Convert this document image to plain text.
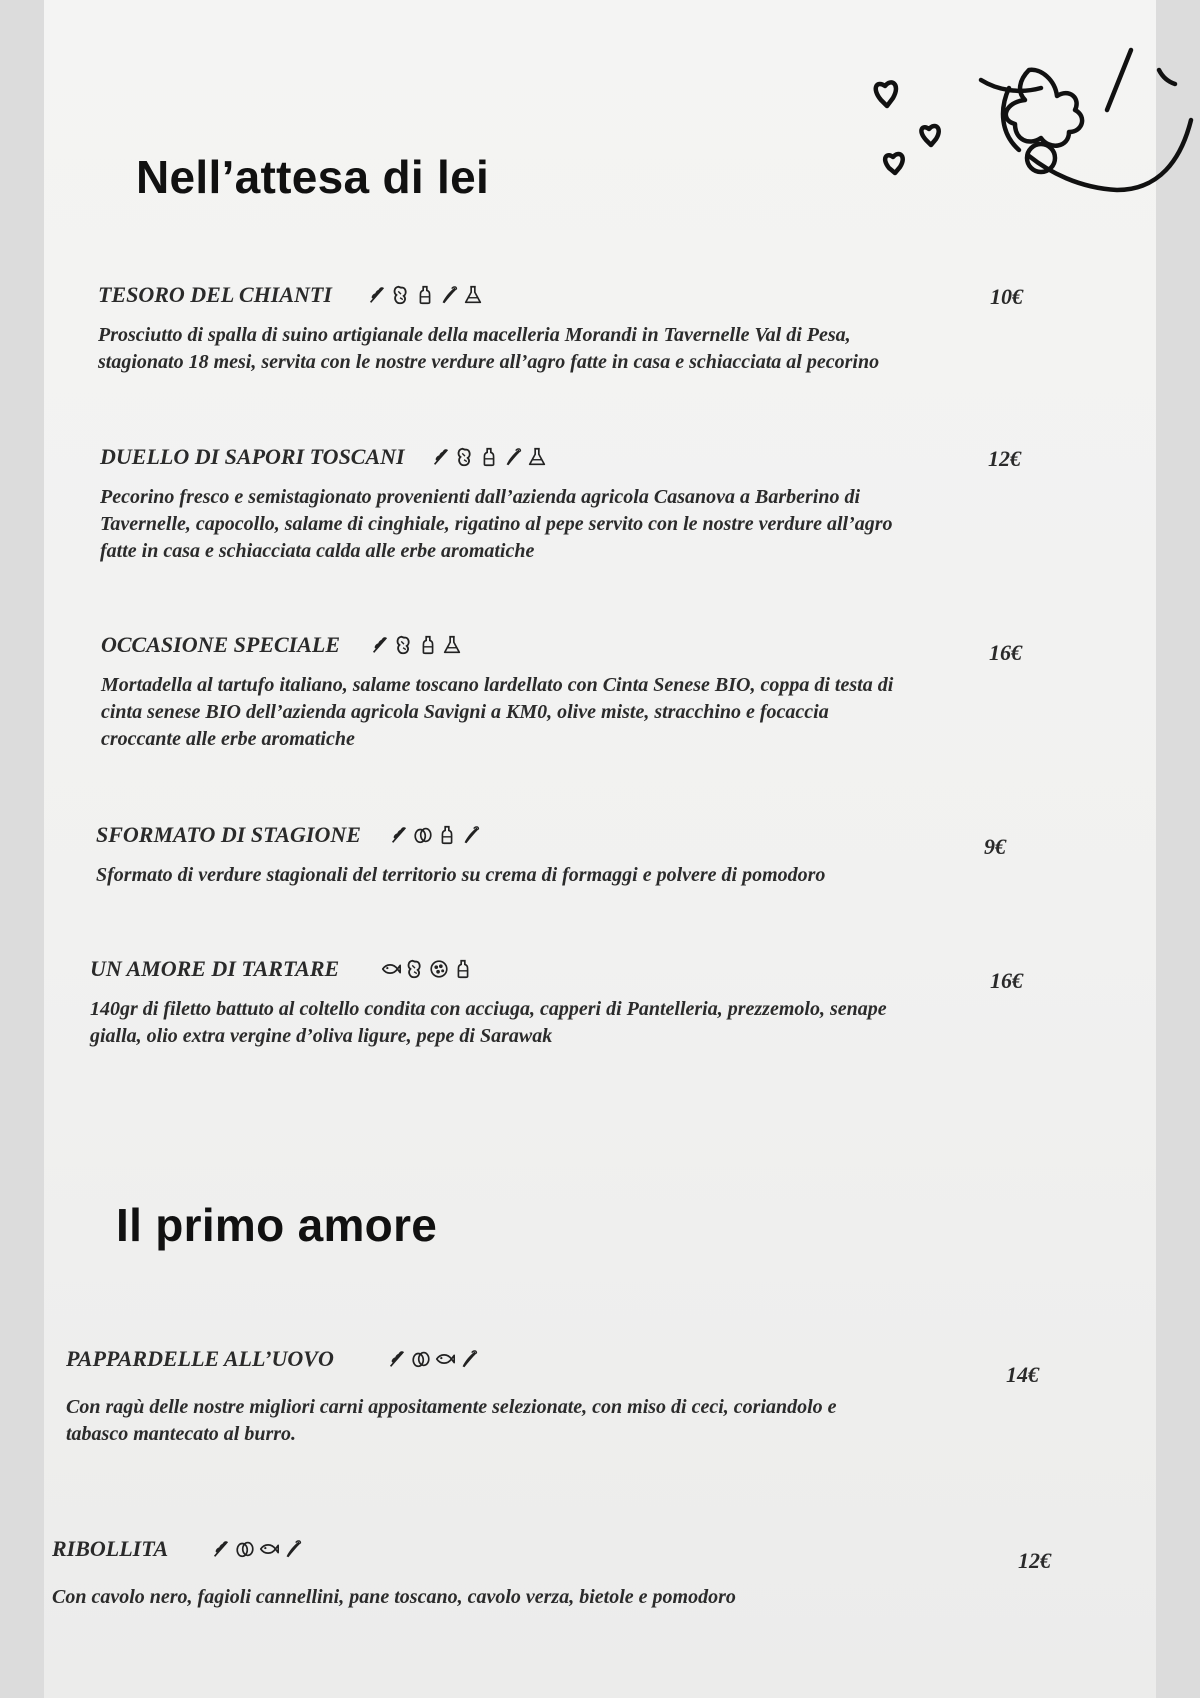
Nell’attesa di lei
TESORO DEL CHIANTI	10€

Prosciutto di spalla di suino artigianale della macelleria Morandi in Tavernelle Val di Pesa,
stagionato 18 mesi, servita con le nostre verdure all’agro fatte in casa e schiacciata al pecorino

DUELLO DI SAPORI TOSCANI	12€

Pecorino fresco e semistagionato provenienti dall’azienda agricola Casanova a Barberino di
Tavernelle, capocollo, salame di cinghiale, rigatino al pepe servito con le nostre verdure all’agro
fatte in casa e schiacciata calda alle erbe aromatiche

OCCASIONE SPECIALE	16€

Mortadella al tartufo italiano, salame toscano lardellato con Cinta Senese BIO, coppa di testa di
cinta senese BIO dell’azienda agricola Savigni a KM0, olive miste, stracchino e focaccia
croccante alle erbe aromatiche

SFORMATO DI STAGIONE	9€

Sformato di verdure stagionali del territorio su crema di formaggi e polvere di pomodoro

UN AMORE DI TARTARE	16€

140gr di filetto battuto al coltello condita con acciuga, capperi di Pantelleria, prezzemolo, senape
gialla, olio extra vergine d’oliva ligure, pepe di Sarawak

Il primo amore
PAPPARDELLE ALL’UOVO
14€

Con ragù delle nostre migliori carni appositamente selezionate, con miso di ceci, coriandolo e
tabasco mantecato al burro.

RIBOLLITA	12€

Con cavolo nero, fagioli cannellini, pane toscano, cavolo verza, bietole e pomodoro
